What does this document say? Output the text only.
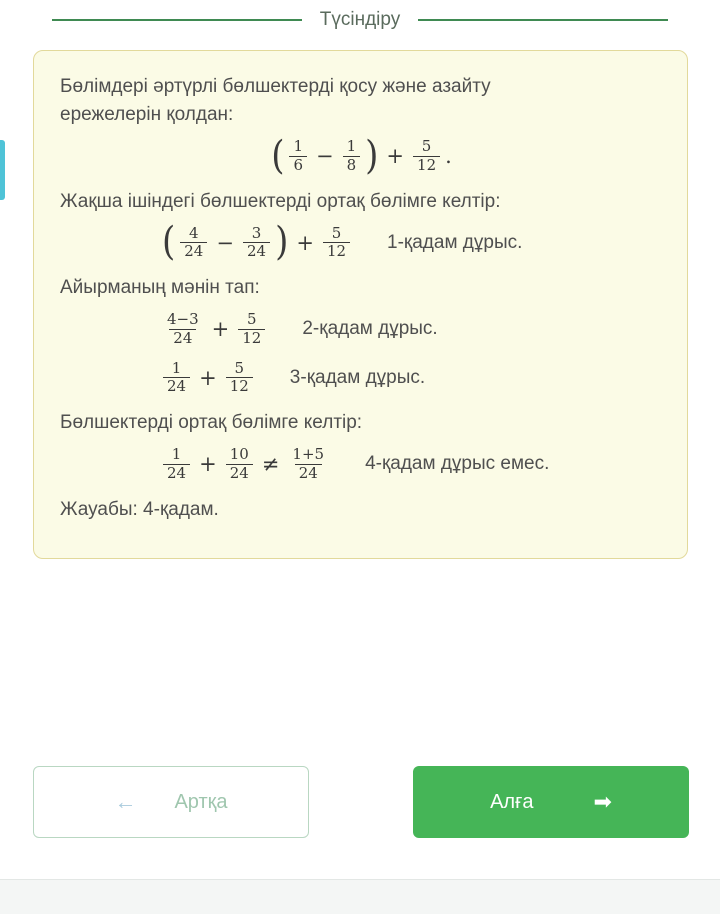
Түсіндіру

Бөлімдері әртүрлі бөлшектерді қосу және азайту
ережелерін қолдан:

( $\frac{1}{6} - \frac{1}{8}$ ) + $\frac{5}{12}$ .

Жақша ішіндегі бөлшектерді ортақ бөлімге келтір:

( $\frac{4}{24} - \frac{3}{24}$ ) + $\frac{5}{12}$ 1-қадам дұрыс.

Айырманың мәнін тап:

$\frac{4-3}{24} + \frac{5}{12}$ 2-қадам дұрыс.
$\frac{1}{24} + \frac{5}{12}$ 3-қадам дұрыс.

Бөлшектерді ортақ бөлімге келтір:

$\frac{1}{24} + \frac{10}{24} \ne \frac{1+5}{24}$ 4-қадам дұрыс емес.

Жауабы: 4-қадам.

← Артқа	Алға	➡
